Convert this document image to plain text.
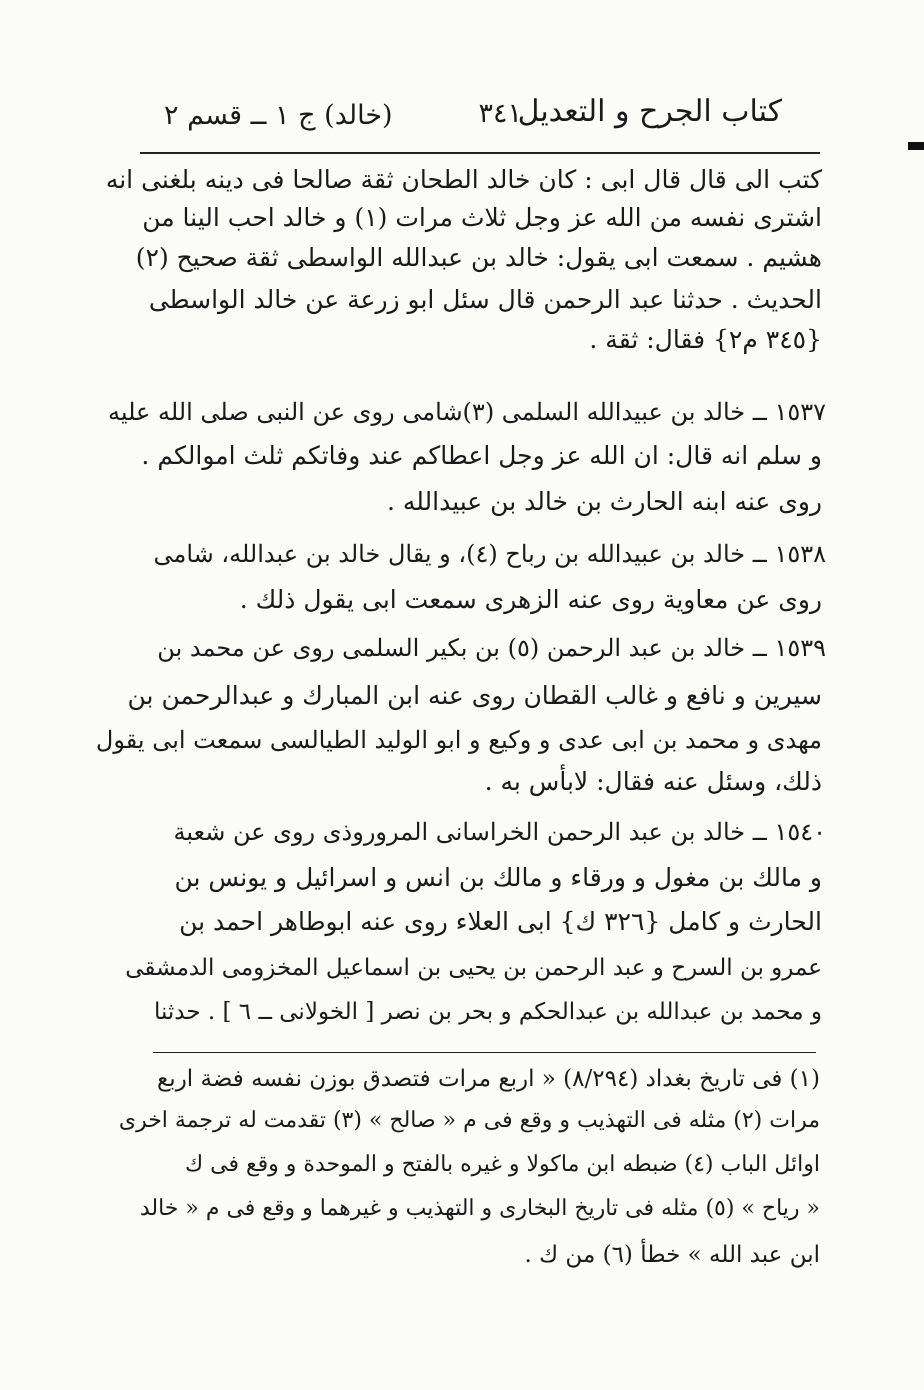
كتاب الجرح و التعديل
٣٤١
(خالد) ج ١ ــ قسم ٢
كتب الى قال قال ابى : كان خالد الطحان ثقة صالحا فى دينه بلغنى انه
اشترى نفسه من الله عز وجل ثلاث مرات (١) و خالد احب الينا من
هشيم . سمعت ابى يقول: خالد بن عبدالله الواسطى ثقة صحيح (٢)
الحديث . حدثنا عبد الرحمن قال سئل ابو زرعة عن خالد الواسطى
{٣٤٥ م٢} فقال: ثقة .
١٥٣٧ ــ خالد بن عبيدالله السلمى (٣)شامى روى عن النبى صلى الله عليه
و سلم انه قال: ان الله عز وجل اعطاكم عند وفاتكم ثلث اموالكم .
روى عنه ابنه الحارث بن خالد بن عبيدالله .
١٥٣٨ ــ خالد بن عبيدالله بن رباح (٤)، و يقال خالد بن عبدالله، شامى
روى عن معاوية روى عنه الزهرى سمعت ابى يقول ذلك .
١٥٣٩ ــ خالد بن عبد الرحمن (٥) بن بكير السلمى روى عن محمد بن
سيرين و نافع و غالب القطان روى عنه ابن المبارك و عبدالرحمن بن
مهدى و محمد بن ابى عدى و وكيع و ابو الوليد الطيالسى سمعت ابى يقول
ذلك، وسئل عنه فقال: لابأس به .
١٥٤٠ ــ خالد بن عبد الرحمن الخراسانى المروروذى روى عن شعبة
و مالك بن مغول و ورقاء و مالك بن انس و اسرائيل و يونس بن
الحارث و كامل {٣٢٦ ك} ابى العلاء روى عنه ابوطاهر احمد بن
عمرو بن السرح و عبد الرحمن بن يحيى بن اسماعيل المخزومى الدمشقى
و محمد بن عبدالله بن عبدالحكم و بحر بن نصر [ الخولانى ــ ٦ ] . حدثنا
(١) فى تاريخ بغداد (٨/٢٩٤) « اربع مرات فتصدق بوزن نفسه فضة اربع
مرات (٢) مثله فى التهذيب و وقع فى م « صالح » (٣) تقدمت له ترجمة اخرى
اوائل الباب (٤) ضبطه ابن ماكولا و غيره بالفتح و الموحدة و وقع فى ك
« رياح » (٥) مثله فى تاريخ البخارى و التهذيب و غيرهما و وقع فى م « خالد
ابن عبد الله » خطأ (٦) من ك .
